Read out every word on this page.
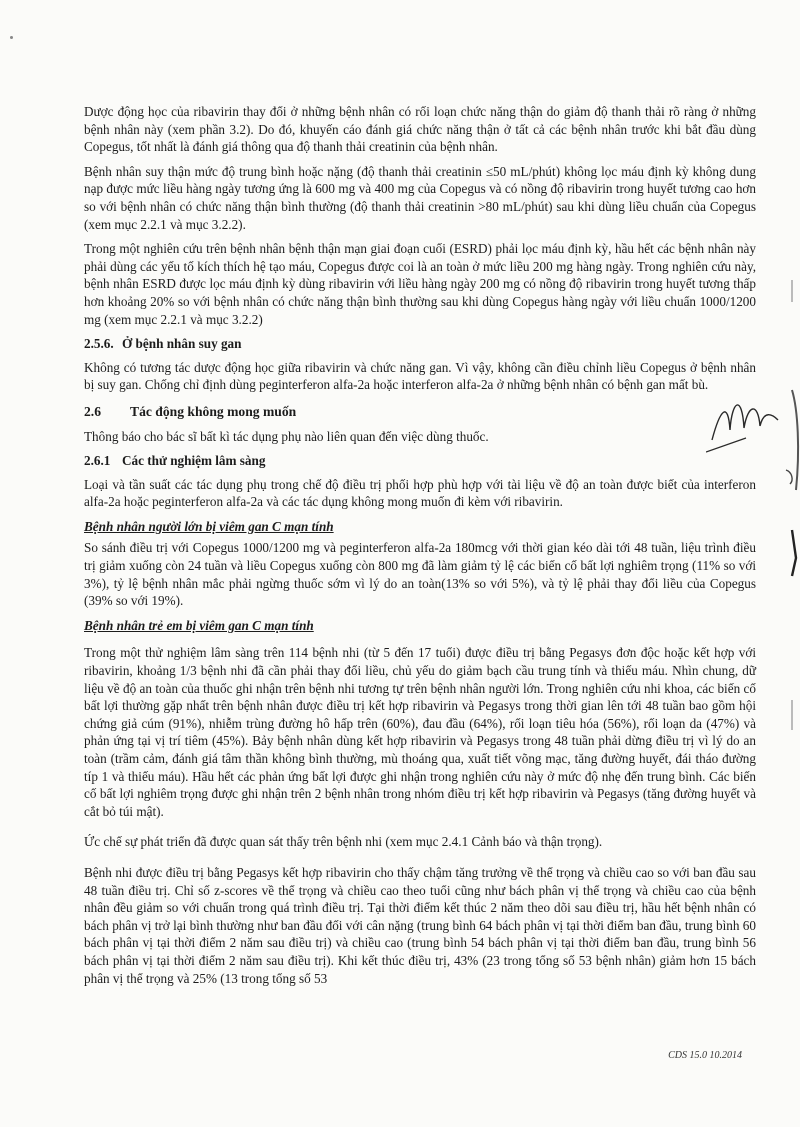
Dược động học của ribavirin thay đổi ở những bệnh nhân có rối loạn chức năng thận do giảm độ thanh thải rõ ràng ở những bệnh nhân này (xem phần 3.2). Do đó, khuyến cáo đánh giá chức năng thận ở tất cả các bệnh nhân trước khi bắt đầu dùng Copegus, tốt nhất là đánh giá thông qua độ thanh thải creatinin của bệnh nhân.

Bệnh nhân suy thận mức độ trung bình hoặc nặng (độ thanh thải creatinin ≤50 mL/phút) không lọc máu định kỳ không dung nạp được mức liều hàng ngày tương ứng là 600 mg và 400 mg của Copegus và có nồng độ ribavirin trong huyết tương cao hơn so với bệnh nhân có chức năng thận bình thường (độ thanh thải creatinin >80 mL/phút) sau khi dùng liều chuẩn của Copegus (xem mục 2.2.1 và mục 3.2.2).

Trong một nghiên cứu trên bệnh nhân bệnh thận mạn giai đoạn cuối (ESRD) phải lọc máu định kỳ, hầu hết các bệnh nhân này phải dùng các yếu tố kích thích hệ tạo máu, Copegus được coi là an toàn ở mức liều 200 mg hàng ngày. Trong nghiên cứu này, bệnh nhân ESRD được lọc máu định kỳ dùng ribavirin với liều hàng ngày 200 mg có nồng độ ribavirin trong huyết tương thấp hơn khoảng 20% so với bệnh nhân có chức năng thận bình thường sau khi dùng Copegus hàng ngày với liều chuẩn 1000/1200 mg (xem mục 2.2.1 và mục 3.2.2)

2.5.6. Ở bệnh nhân suy gan

Không có tương tác dược động học giữa ribavirin và chức năng gan. Vì vậy, không cần điều chỉnh liều Copegus ở bệnh nhân bị suy gan. Chống chỉ định dùng peginterferon alfa-2a hoặc interferon alfa-2a ở những bệnh nhân có bệnh gan mất bù.

2.6	Tác động không mong muốn

Thông báo cho bác sĩ bất kì tác dụng phụ nào liên quan đến việc dùng thuốc.

2.6.1 Các thử nghiệm lâm sàng

Loại và tần suất các tác dụng phụ trong chế độ điều trị phối hợp phù hợp với tài liệu về độ an toàn được biết của interferon alfa-2a hoặc peginterferon alfa-2a và các tác dụng không mong muốn đi kèm với ribavirin.

Bệnh nhân người lớn bị viêm gan C mạn tính

So sánh điều trị với Copegus 1000/1200 mg và peginterferon alfa-2a 180mcg với thời gian kéo dài tới 48 tuần, liệu trình điều trị giảm xuống còn 24 tuần và liều Copegus xuống còn 800 mg đã làm giảm tỷ lệ các biến cố bất lợi nghiêm trọng (11% so với 3%), tỷ lệ bệnh nhân mắc phải ngừng thuốc sớm vì lý do an toàn(13% so với 5%), và tỷ lệ phải thay đổi liều của Copegus (39% so với 19%).

Bệnh nhân trẻ em bị viêm gan C mạn tính

Trong một thử nghiệm lâm sàng trên 114 bệnh nhi (từ 5 đến 17 tuổi) được điều trị bằng Pegasys đơn độc hoặc kết hợp với ribavirin, khoảng 1/3 bệnh nhi đã cần phải thay đổi liều, chủ yếu do giảm bạch cầu trung tính và thiếu máu. Nhìn chung, dữ liệu về độ an toàn của thuốc ghi nhận trên bệnh nhi tương tự trên bệnh nhân người lớn. Trong nghiên cứu nhi khoa, các biến cố bất lợi thường gặp nhất trên bệnh nhân được điều trị kết hợp ribavirin và Pegasys trong thời gian lên tới 48 tuần bao gồm hội chứng giả cúm (91%), nhiễm trùng đường hô hấp trên (60%), đau đầu (64%), rối loạn tiêu hóa (56%), rối loạn da (47%) và phản ứng tại vị trí tiêm (45%). Bảy bệnh nhân dùng kết hợp ribavirin và Pegasys trong 48 tuần phải dừng điều trị vì lý do an toàn (trầm cảm, đánh giá tâm thần không bình thường, mù thoáng qua, xuất tiết võng mạc, tăng đường huyết, đái tháo đường típ 1 và thiếu máu). Hầu hết các phản ứng bất lợi được ghi nhận trong nghiên cứu này ở mức độ nhẹ đến trung bình. Các biến cố bất lợi nghiêm trọng được ghi nhận trên 2 bệnh nhân trong nhóm điều trị kết hợp ribavirin và Pegasys (tăng đường huyết và cắt bỏ túi mật).

Ức chế sự phát triển đã được quan sát thấy trên bệnh nhi (xem mục 2.4.1 Cảnh báo và thận trọng).

Bệnh nhi được điều trị bằng Pegasys kết hợp ribavirin cho thấy chậm tăng trưởng về thể trọng và chiều cao so với ban đầu sau 48 tuần điều trị. Chỉ số z-scores về thể trọng và chiều cao theo tuổi cũng như bách phân vị thể trọng và chiều cao của bệnh nhân đều giảm so với chuẩn trong quá trình điều trị. Tại thời điểm kết thúc 2 năm theo dõi sau điều trị, hầu hết bệnh nhân có bách phân vị trở lại bình thường như ban đầu đối với cân nặng (trung bình 64 bách phân vị tại thời điểm ban đầu, trung bình 60 bách phân vị tại thời điểm 2 năm sau điều trị) và chiều cao (trung bình 54 bách phân vị tại thời điểm ban đầu, trung bình 56 bách phân vị tại thời điểm 2 năm sau điều trị). Khi kết thúc điều trị, 43% (23 trong tổng số 53 bệnh nhân) giảm hơn 15 bách phân vị thể trọng và 25% (13 trong tổng số 53

CDS 15.0 10.2014
